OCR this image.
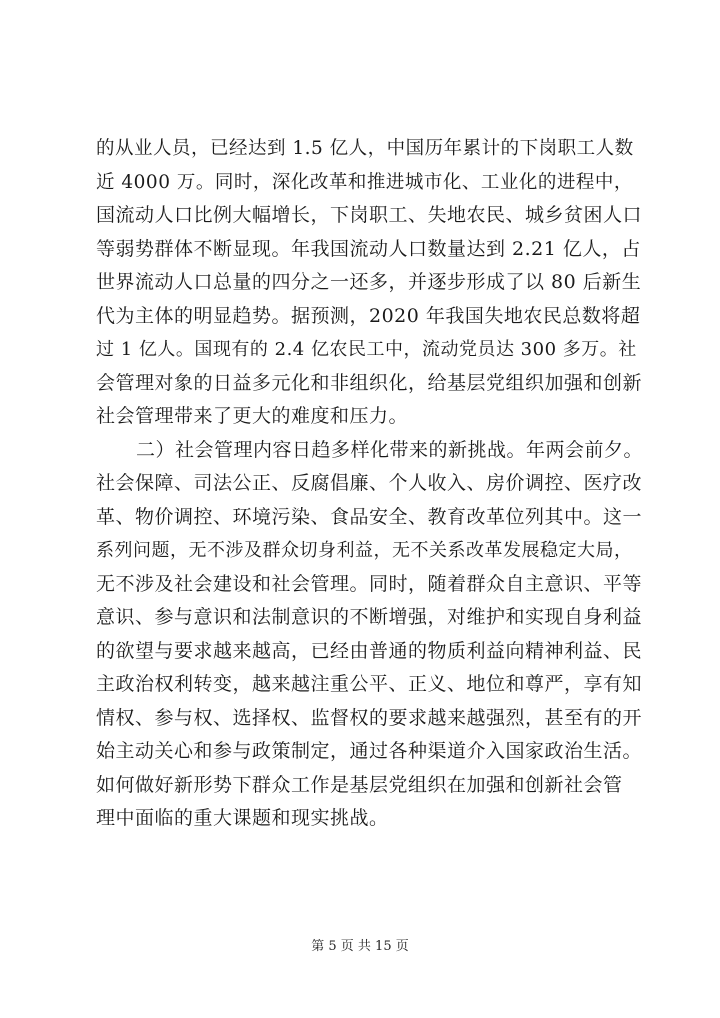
的从业人员，已经达到 1.5 亿人，中国历年累计的下岗职工人数
近 4000 万。同时，深化改革和推进城市化、工业化的进程中，
国流动人口比例大幅增长，下岗职工、失地农民、城乡贫困人口
等弱势群体不断显现。年我国流动人口数量达到 2.21 亿人，占
世界流动人口总量的四分之一还多，并逐步形成了以 80 后新生
代为主体的明显趋势。据预测，2020 年我国失地农民总数将超
过 1 亿人。国现有的 2.4 亿农民工中，流动党员达 300 多万。社
会管理对象的日益多元化和非组织化，给基层党组织加强和创新
社会管理带来了更大的难度和压力。
二）社会管理内容日趋多样化带来的新挑战。年两会前夕。
社会保障、司法公正、反腐倡廉、个人收入、房价调控、医疗改
革、物价调控、环境污染、食品安全、教育改革位列其中。这一
系列问题，无不涉及群众切身利益，无不关系改革发展稳定大局，
无不涉及社会建设和社会管理。同时，随着群众自主意识、平等
意识、参与意识和法制意识的不断增强，对维护和实现自身利益
的欲望与要求越来越高，已经由普通的物质利益向精神利益、民
主政治权利转变，越来越注重公平、正义、地位和尊严，享有知
情权、参与权、选择权、监督权的要求越来越强烈，甚至有的开
始主动关心和参与政策制定，通过各种渠道介入国家政治生活。
如何做好新形势下群众工作是基层党组织在加强和创新社会管
理中面临的重大课题和现实挑战。
第 5 页 共 15 页
